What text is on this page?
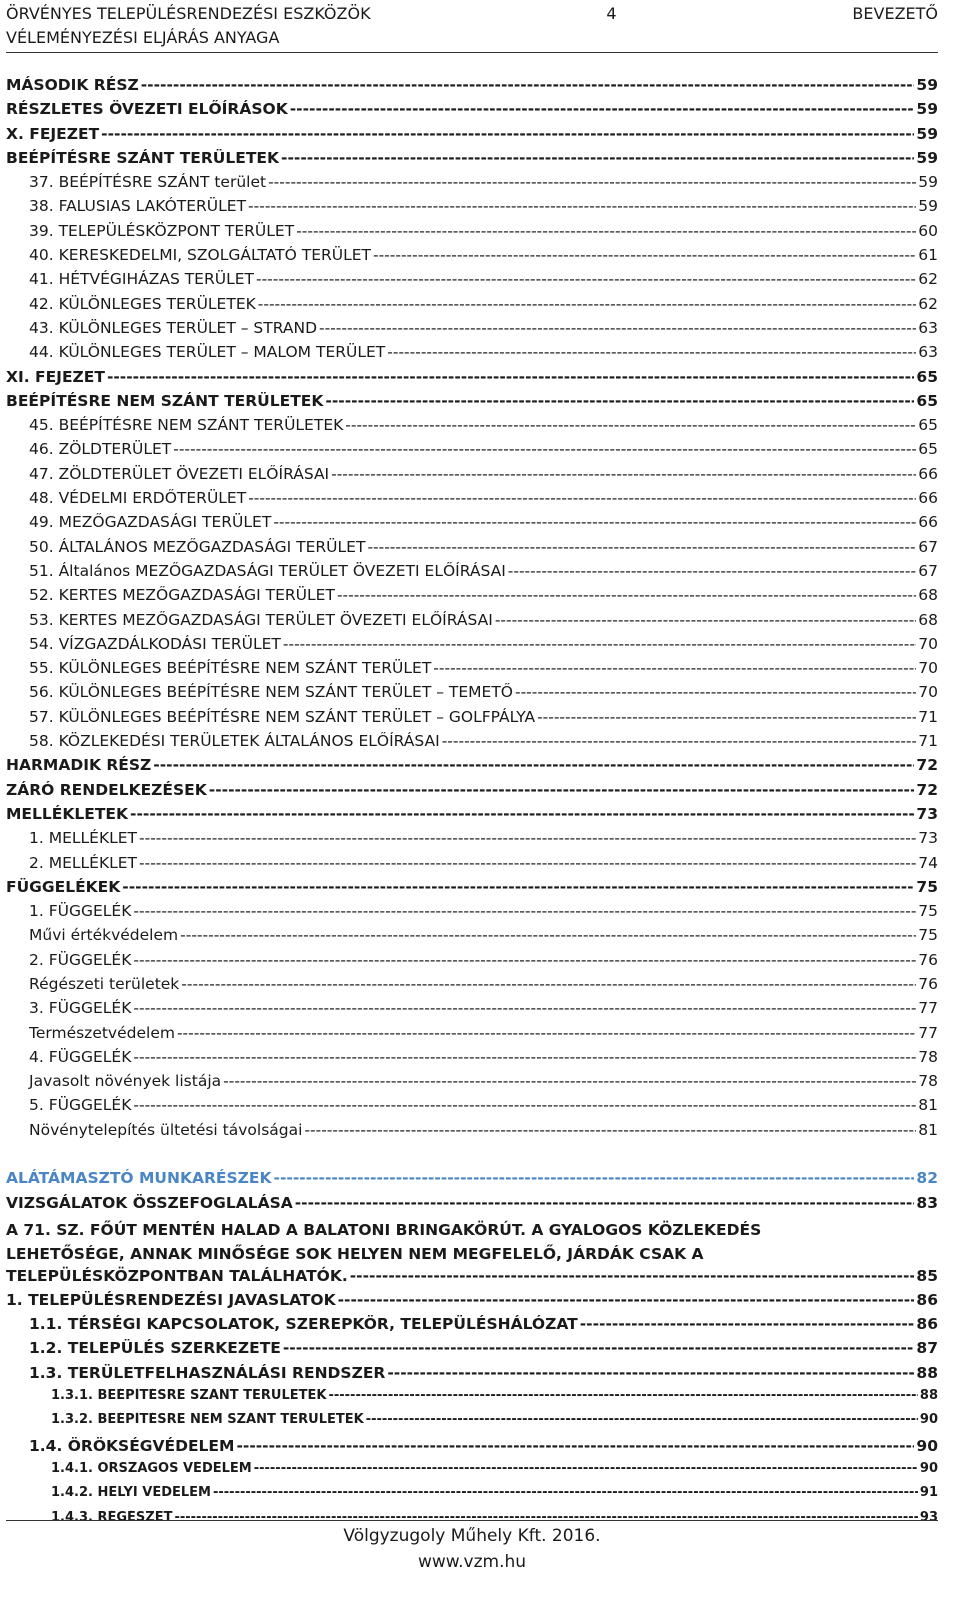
ÖRVÉNYES TELEPÜLÉSRENDEZÉSI ESZKÖZÖK	4	BEVEZETŐ
VÉLEMÉNYEZÉSI ELJÁRÁS ANYAGA
MÁSODIK RÉSZ -----	59
RÉSZLETES ÖVEZETI ELŐÍRÁSOK -----	59
X. FEJEZET -----	59
BEÉPÍTÉSRE SZÁNT TERÜLETEK -----	59
37. BEÉPÍTÉSRE SZÁNT terület -----	59
38. FALUSIAS LAKÓTERÜLET -----	59
39. TELEPÜLÉSKÖZPONT TERÜLET -----	60
40. KERESKEDELMI, SZOLGÁLTATÓ TERÜLET -----	61
41. HÉTVÉGIHÁZAS TERÜLET -----	62
42. KÜLÖNLEGES TERÜLETEK -----	62
43. KÜLÖNLEGES TERÜLET – STRAND -----	63
44. KÜLÖNLEGES TERÜLET – MALOM TERÜLET -----	63
XI. FEJEZET -----	65
BEÉPÍTÉSRE NEM SZÁNT TERÜLETEK -----	65
45. BEÉPÍTÉSRE NEM SZÁNT TERÜLETEK -----	65
46. ZÖLDTERÜLET -----	65
47. ZÖLDTERÜLET ÖVEZETI ELŐÍRÁSAI -----	66
48. VÉDELMI ERDŐTERÜLET -----	66
49. MEZŐGAZDASÁGI TERÜLET -----	66
50. ÁLTALÁNOS MEZŐGAZDASÁGI TERÜLET -----	67
51. Általános MEZŐGAZDASÁGI TERÜLET ÖVEZETI ELŐÍRÁSAI -----	67
52. KERTES MEZŐGAZDASÁGI TERÜLET -----	68
53. KERTES MEZŐGAZDASÁGI TERÜLET ÖVEZETI ELŐÍRÁSAI -----	68
54. VÍZGAZDÁLKODÁSI TERÜLET -----	70
55. KÜLÖNLEGES BEÉPÍTÉSRE NEM SZÁNT TERÜLET -----	70
56. KÜLÖNLEGES BEÉPÍTÉSRE NEM SZÁNT TERÜLET – TEMETŐ -----	70
57. KÜLÖNLEGES BEÉPÍTÉSRE NEM SZÁNT TERÜLET – GOLFPÁLYA -----	71
58. KÖZLEKEDÉSI TERÜLETEK ÁLTALÁNOS ELŐÍRÁSAI -----	71
HARMADIK RÉSZ -----	72
ZÁRÓ RENDELKEZÉSEK -----	72
MELLÉKLETEK -----	73
1. MELLÉKLET -----	73
2. MELLÉKLET -----	74
FÜGGELÉKEK -----	75
1. FÜGGELÉK -----	75
Művi értékvédelem -----	75
2. FÜGGELÉK -----	76
Régészeti területek -----	76
3. FÜGGELÉK -----	77
Természetvédelem -----	77
4. FÜGGELÉK -----	78
Javasolt növények listája -----	78
5. FÜGGELÉK -----	81
Növénytelepítés ültetési távolságai -----	81
ALÁTÁMASZTÓ MUNKARÉSZEK -----	82
VIZSGÁLATOK ÖSSZEFOGLALÁSA -----	83
A 71. SZ. FŐÚT MENTÉN HALAD A BALATONI BRINGAKÖRÚT. A GYALOGOS KÖZLEKEDÉS
LEHETŐSÉGE, ANNAK MINŐSÉGE SOK HELYEN NEM MEGFELELŐ, JÁRDÁK CSAK A
TELEPÜLÉSKÖZPONTBAN TALÁLHATÓK. -----	85
1. TELEPÜLÉSRENDEZÉSI JAVASLATOK -----	86
1.1. TÉRSÉGI KAPCSOLATOK, SZEREPKÖR, TELEPÜLÉSHÁLÓZAT -----	86
1.2. TELEPÜLÉS SZERKEZETE -----	87
1.3. TERÜLETFELHASZNÁLÁSI RENDSZER -----	88
1.3.1. BEÉPÍTÉSRE SZÁNT TERÜLETEK -----	88
1.3.2. BEÉPÍTÉSRE NEM SZÁNT TERÜLETEK -----	90
1.4. ÖRÖKSÉGVÉDELEM -----	90
1.4.1. ORSZÁGOS VÉDELEM -----	90
1.4.2. HELYI VÉDELEM -----	91
1.4.3. RÉGÉSZET -----	93
Völgyzugoly Műhely Kft. 2016.
www.vzm.hu
